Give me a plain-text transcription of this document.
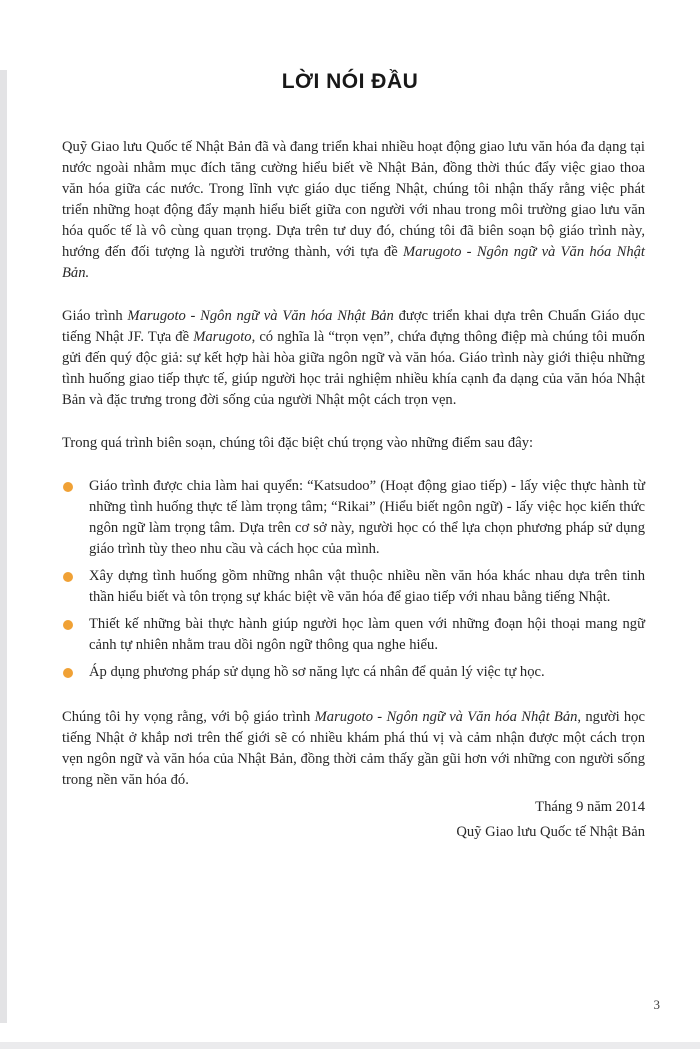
LỜI NÓI ĐẦU

Quỹ Giao lưu Quốc tế Nhật Bản đã và đang triển khai nhiều hoạt động giao lưu văn hóa đa dạng tại nước ngoài nhằm mục đích tăng cường hiểu biết về Nhật Bản, đồng thời thúc đẩy việc giao thoa văn hóa giữa các nước. Trong lĩnh vực giáo dục tiếng Nhật, chúng tôi nhận thấy rằng việc phát triển những hoạt động đẩy mạnh hiểu biết giữa con người với nhau trong môi trường giao lưu văn hóa quốc tế là vô cùng quan trọng. Dựa trên tư duy đó, chúng tôi đã biên soạn bộ giáo trình này, hướng đến đối tượng là người trưởng thành, với tựa đề Marugoto - Ngôn ngữ và Văn hóa Nhật Bản.

Giáo trình Marugoto - Ngôn ngữ và Văn hóa Nhật Bản được triển khai dựa trên Chuẩn Giáo dục tiếng Nhật JF. Tựa đề Marugoto, có nghĩa là “trọn vẹn”, chứa đựng thông điệp mà chúng tôi muốn gửi đến quý độc giả: sự kết hợp hài hòa giữa ngôn ngữ và văn hóa. Giáo trình này giới thiệu những tình huống giao tiếp thực tế, giúp người học trải nghiệm nhiều khía cạnh đa dạng của văn hóa Nhật Bản và đặc trưng trong đời sống của người Nhật một cách trọn vẹn.

Trong quá trình biên soạn, chúng tôi đặc biệt chú trọng vào những điểm sau đây:

Giáo trình được chia làm hai quyển: “Katsudoo” (Hoạt động giao tiếp) - lấy việc thực hành từ những tình huống thực tế làm trọng tâm; “Rikai” (Hiểu biết ngôn ngữ) - lấy việc học kiến thức ngôn ngữ làm trọng tâm. Dựa trên cơ sở này, người học có thể lựa chọn phương pháp sử dụng giáo trình tùy theo nhu cầu và cách học của mình.
Xây dựng tình huống gồm những nhân vật thuộc nhiều nền văn hóa khác nhau dựa trên tinh thần hiểu biết và tôn trọng sự khác biệt về văn hóa để giao tiếp với nhau bằng tiếng Nhật.
Thiết kế những bài thực hành giúp người học làm quen với những đoạn hội thoại mang ngữ cảnh tự nhiên nhằm trau dồi ngôn ngữ thông qua nghe hiểu.
Áp dụng phương pháp sử dụng hồ sơ năng lực cá nhân để quản lý việc tự học.

Chúng tôi hy vọng rằng, với bộ giáo trình Marugoto - Ngôn ngữ và Văn hóa Nhật Bản, người học tiếng Nhật ở khắp nơi trên thế giới sẽ có nhiều khám phá thú vị và cảm nhận được một cách trọn vẹn ngôn ngữ và văn hóa của Nhật Bản, đồng thời cảm thấy gần gũi hơn với những con người sống trong nền văn hóa đó.

Tháng 9 năm 2014
Quỹ Giao lưu Quốc tế Nhật Bản
3
